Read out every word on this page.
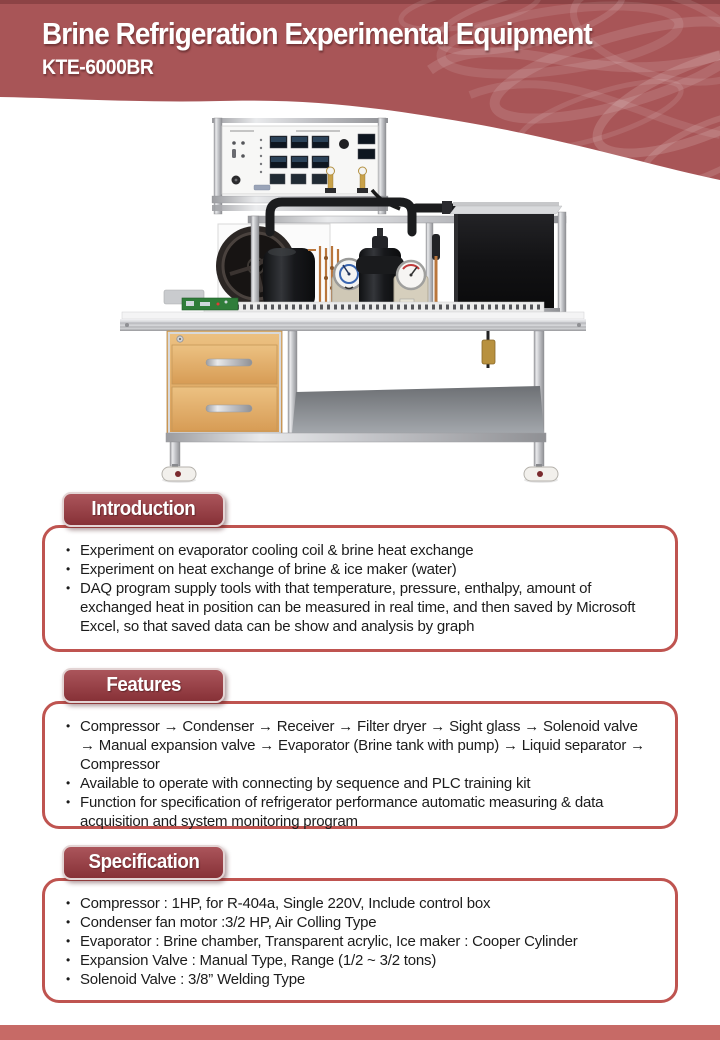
Brine Refrigeration Experimental Equipment
KTE-6000BR
Introduction
• Experiment on evaporator cooling coil & brine heat exchange
• Experiment on heat exchange of brine & ice maker (water)
• DAQ program supply tools with that temperature, pressure, enthalpy, amount of exchanged heat in position can be measured in real time, and then saved by Microsoft Excel, so that saved data can be show and analysis by graph
Features
• Compressor → Condenser → Receiver → Filter dryer → Sight glass → Solenoid valve → Manual expansion valve → Evaporator (Brine tank with pump) → Liquid separator → Compressor
• Available to operate with connecting by sequence and PLC training kit
• Function for specification of refrigerator performance automatic measuring & data acquisition and system monitoring program
Specification
• Compressor : 1HP, for R-404a, Single 220V, Include control box
• Condenser fan motor :3/2 HP, Air Colling Type
• Evaporator : Brine chamber, Transparent acrylic, Ice maker : Cooper Cylinder
• Expansion Valve : Manual Type, Range (1/2 ~ 3/2 tons)
• Solenoid Valve : 3/8” Welding Type
